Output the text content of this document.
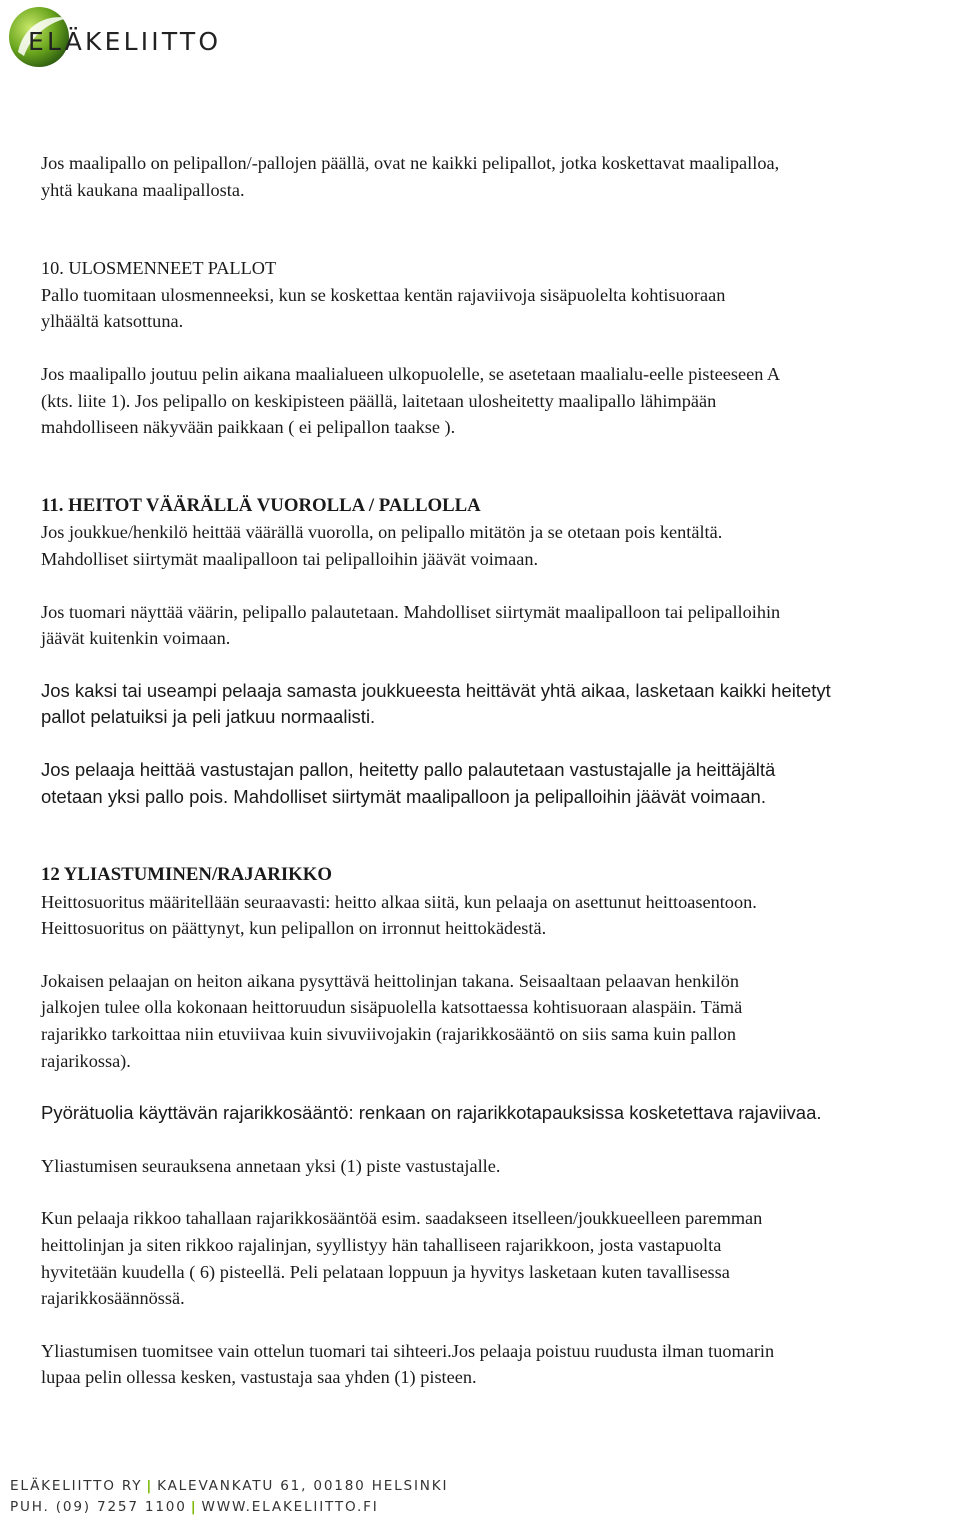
ELÄKELIITTO
Jos maalipallo on pelipallon/-pallojen päällä, ovat ne kaikki pelipallot, jotka koskettavat maalipalloa,
yhtä kaukana maalipallosta.
10. ULOSMENNEET PALLOT
Pallo tuomitaan ulosmenneeksi, kun se koskettaa kentän rajaviivoja sisäpuolelta kohtisuoraan
ylhäältä katsottuna.
Jos maalipallo joutuu pelin aikana maalialueen ulkopuolelle, se asetetaan maalialu-eelle pisteeseen A
(kts. liite 1). Jos pelipallo on keskipisteen päällä, laitetaan ulosheitetty maalipallo lähimpään
mahdolliseen näkyvään paikkaan ( ei pelipallon taakse ).
11. HEITOT VÄÄRÄLLÄ VUOROLLA / PALLOLLA
Jos joukkue/henkilö heittää väärällä vuorolla, on pelipallo mitätön ja se otetaan pois kentältä.
Mahdolliset siirtymät maalipalloon tai pelipalloihin jäävät voimaan.
Jos tuomari näyttää väärin, pelipallo palautetaan. Mahdolliset siirtymät maalipalloon tai pelipalloihin
jäävät kuitenkin voimaan.
Jos kaksi tai useampi pelaaja samasta joukkueesta heittävät yhtä aikaa, lasketaan kaikki heitetyt
pallot pelatuiksi ja peli jatkuu normaalisti.
Jos pelaaja heittää vastustajan pallon, heitetty pallo palautetaan vastustajalle ja heittäjältä
otetaan yksi pallo pois. Mahdolliset siirtymät maalipalloon ja pelipalloihin jäävät voimaan.
12 YLIASTUMINEN/RAJARIKKO
Heittosuoritus määritellään seuraavasti: heitto alkaa siitä, kun pelaaja on asettunut heittoasentoon.
Heittosuoritus on päättynyt, kun pelipallon on irronnut heittokädestä.
Jokaisen pelaajan on heiton aikana pysyttävä heittolinjan takana. Seisaaltaan pelaavan henkilön
jalkojen tulee olla kokonaan heittoruudun sisäpuolella katsottaessa kohtisuoraan alaspäin. Tämä
rajarikko tarkoittaa niin etuviivaa kuin sivuviivojakin (rajarikkosääntö on siis sama kuin pallon
rajarikossa).
Pyörätuolia käyttävän rajarikkosääntö: renkaan on rajarikkotapauksissa kosketettava rajaviivaa.
Yliastumisen seurauksena annetaan yksi (1) piste vastustajalle.
Kun pelaaja rikkoo tahallaan rajarikkosääntöä esim. saadakseen itselleen/joukkueelleen paremman
heittolinjan ja siten rikkoo rajalinjan, syyllistyy hän tahalliseen rajarikkoon, josta vastapuolta
hyvitetään kuudella ( 6) pisteellä. Peli pelataan loppuun ja hyvitys lasketaan kuten tavallisessa
rajarikkosäännössä.
Yliastumisen tuomitsee vain ottelun tuomari tai sihteeri.Jos pelaaja poistuu ruudusta ilman tuomarin
lupaa pelin ollessa kesken, vastustaja saa yhden (1) pisteen.
ELÄKELIITTO RY | KALEVANKATU 61, 00180 HELSINKI
PUH. (09) 7257 1100 | WWW.ELAKELIITTO.FI
